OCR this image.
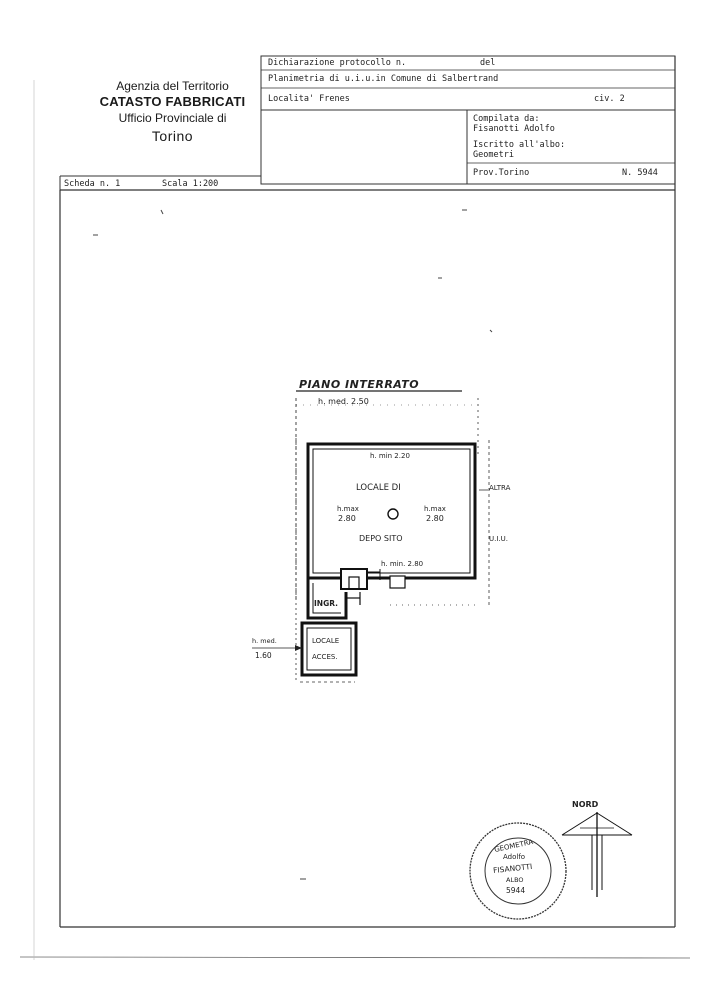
Agenzia del Territorio
CATASTO FABBRICATI
Ufficio Provinciale di
Torino
Dichiarazione protocollo n.	del
Planimetria di u.i.u.in Comune di Salbertrand
Localita' Frenes	civ. 2
Compilata da:
Fisanotti Adolfo
Iscritto all'albo:
Geometri
Prov.Torino	N. 5944
Scheda n. 1	Scala 1:200
PIANO INTERRATO
h. med. 2.50
h. min 2.20
LOCALE DI
DEPO SITO
h.max
2.80
h.max
2.80
h. min. 2.80
ALTRA
U.I.U.
INGR.
LOCALE
ACCES.
h. med.
1.60
NORD
GEOMETRA
Adolfo
FISANOTTI
ALBO
5944
